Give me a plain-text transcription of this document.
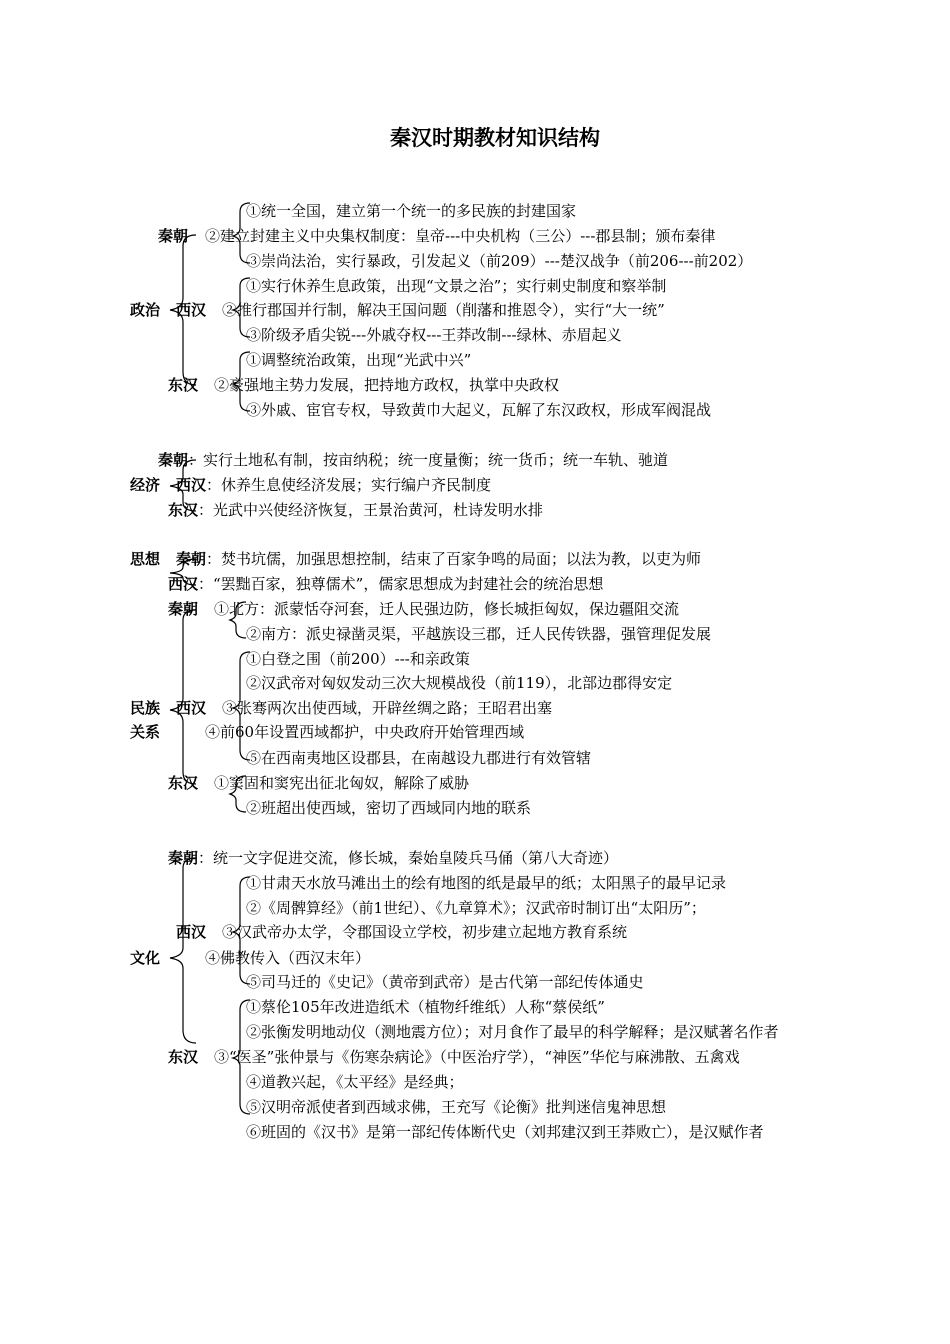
秦汉时期教材知识结构
政治
秦朝
①统一全国，建立第一个统一的多民族的封建国家
②建立封建主义中央集权制度：皇帝---中央机构（三公）---郡县制；颁布秦律
③崇尚法治，实行暴政，引发起义（前209）---楚汉战争（前206---前202）
西汉
①实行休养生息政策，出现“文景之治”；实行刺史制度和察举制
②推行郡国并行制，解决王国问题（削藩和推恩令），实行“大一统”
③阶级矛盾尖锐---外戚夺权---王莽改制---绿林、赤眉起义
东汉
①调整统治政策，出现“光武中兴”
②豪强地主势力发展，把持地方政权，执掌中央政权
③外戚、宦官专权，导致黄巾大起义，瓦解了东汉政权，形成军阀混战
经济
秦朝：实行土地私有制，按亩纳税；统一度量衡；统一货币；统一车轨、驰道
西汉：休养生息使经济发展；实行编户齐民制度
东汉：光武中兴使经济恢复，王景治黄河，杜诗发明水排
思想 秦朝：焚书坑儒，加强思想控制，结束了百家争鸣的局面；以法为教，以吏为师
西汉：“罢黜百家，独尊儒术”，儒家思想成为封建社会的统治思想
民族
关系
秦朝 ①北方：派蒙恬夺河套，迁人民强边防，修长城拒匈奴，保边疆阻交流
②南方：派史禄凿灵渠，平越族设三郡，迁人民传铁器，强管理促发展
西汉
①白登之围（前200）---和亲政策
②汉武帝对匈奴发动三次大规模战役（前119），北部边郡得安定
③张骞两次出使西域，开辟丝绸之路；王昭君出塞
④前60年设置西域都护，中央政府开始管理西域
⑤在西南夷地区设郡县，在南越设九郡进行有效管辖
东汉 ①窦固和窦宪出征北匈奴，解除了威胁
②班超出使西域，密切了西域同内地的联系
文化
秦朝：统一文字促进交流，修长城，秦始皇陵兵马俑（第八大奇迹）
西汉
①甘肃天水放马滩出土的绘有地图的纸是最早的纸；太阳黑子的最早记录
②《周髀算经》（前1世纪）、《九章算术》；汉武帝时制订出“太阳历”；
③汉武帝办太学，令郡国设立学校，初步建立起地方教育系统
④佛教传入（西汉末年）
⑤司马迁的《史记》（黄帝到武帝）是古代第一部纪传体通史
东汉
①蔡伦105年改进造纸术（植物纤维纸）人称“蔡侯纸”
②张衡发明地动仪（测地震方位）；对月食作了最早的科学解释；是汉赋著名作者
③“医圣”张仲景与《伤寒杂病论》（中医治疗学），“神医”华佗与麻沸散、五禽戏
④道教兴起，《太平经》是经典；
⑤汉明帝派使者到西域求佛，王充写《论衡》批判迷信鬼神思想
⑥班固的《汉书》是第一部纪传体断代史（刘邦建汉到王莽败亡），是汉赋作者
